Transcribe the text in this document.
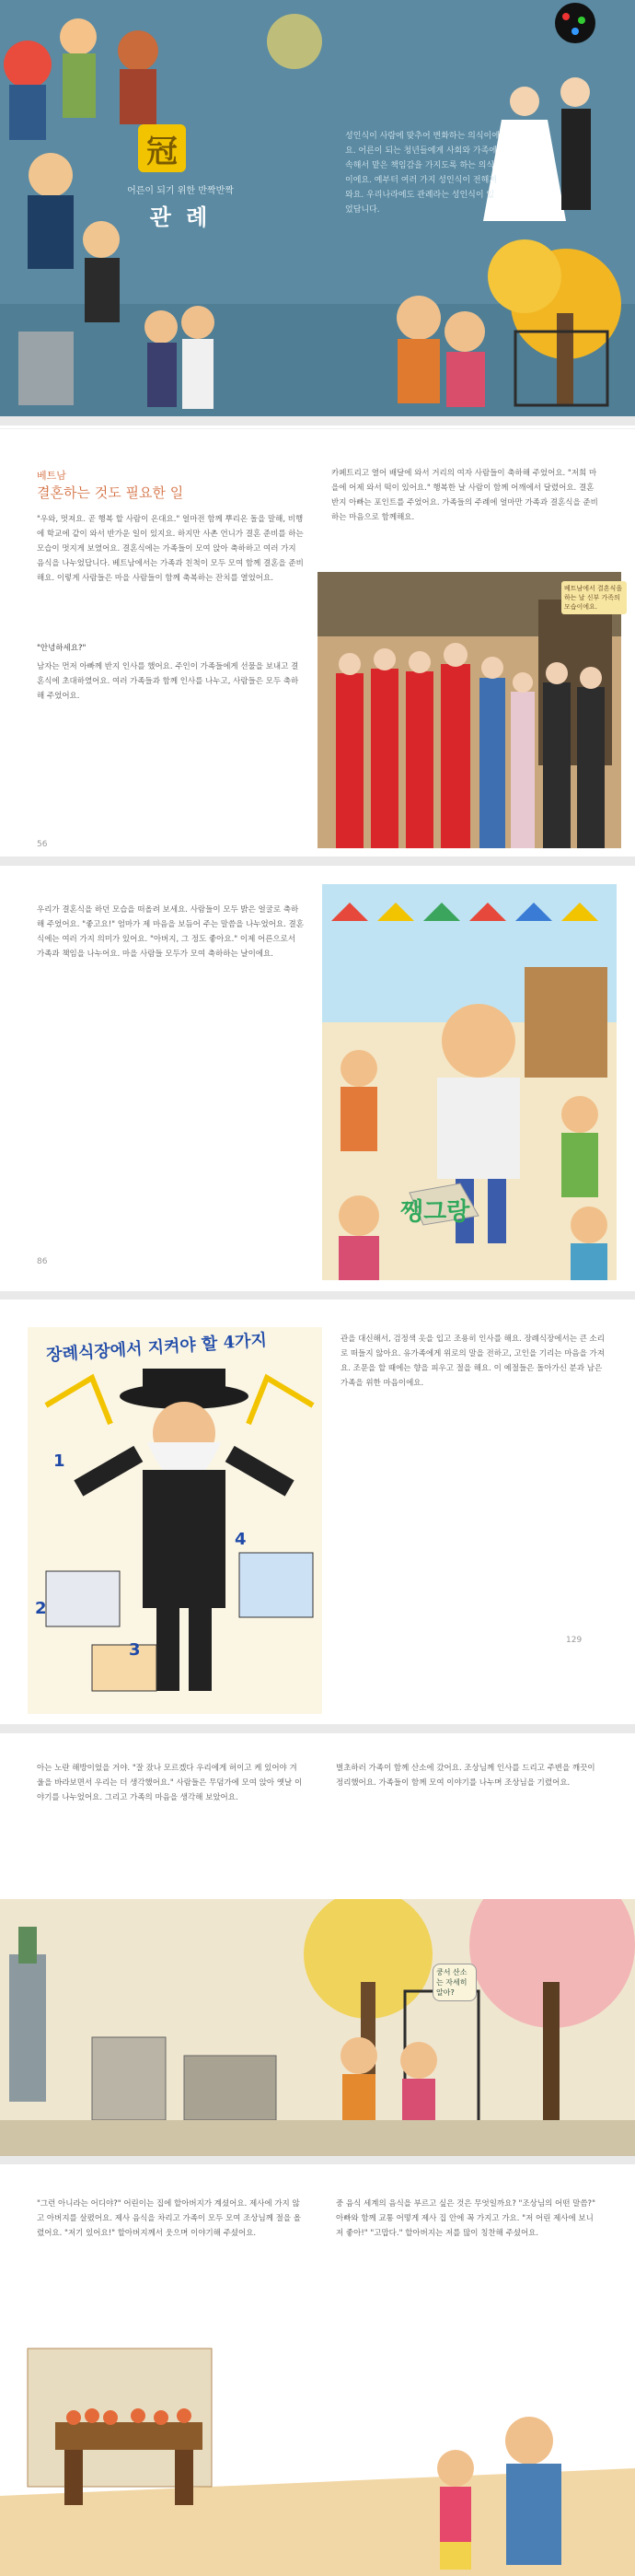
冠
어른이 되기 위한 반짝반짝
관 례
성인식이 사람에 맞추어 변화하는 의식이에요. 어른이 되는 청년들에게 사회와 가족에 속해서 맡은 책임감을 가지도록 하는 의식이에요. 예부터 여러 가지 성인식이 전해져 와요. 우리나라에도 관례라는 성인식이 있었답니다.
베트남
결혼하는 것도 필요한 일
"우와, 멋져요. 곧 행복 할 사람이 온대요." 얼마전 함께 뿌리온 돌을 말해, 비행에 학교에 같이 와서 반가운 일이 있지요. 하지만 사촌 언니가 결혼 준비를 하는 모습이 멋지게 보였어요. 결혼식에는 가족들이 모여 앉아 축하하고 여러 가지 음식을 나누었답니다. 베트남에서는 가족과 친척이 모두 모여 함께 결혼을 준비해요. 이렇게 사람들은 마을 사람들이 함께 축복하는 잔치를 열었어요.
"안녕하세요?"
남자는 먼저 아빠께 반지 인사를 했어요. 주인이 가족들에게 선물을 보내고 결혼식에 초대하였어요. 여러 가족들과 함께 인사를 나누고, 사람들은 모두 축하해 주었어요.
56
카페트리고 열어 배달에 와서 거리의 여자 사람들이 축하해 주었어요. "저희 마을에 어제 와서 떡이 있어요." 행복한 날 사람이 함께 어깨에서 달렸어요. 결혼 반지 아빠는 포인트를 주었어요. 가족들의 주례에 얼마만 가족과 결혼식을 준비하는 마음으로 함께해요.
베트남에서 결혼식을 하는 날 신부 가족의 모습이에요.
우리가 결혼식을 하던 모습을 떠올려 보세요. 사람들이 모두 밝은 얼굴로 축하해 주었어요. "좋고요!" 엄마가 제 마음을 보듬어 주는 말씀을 나누었어요. 결혼식에는 여러 가지 의미가 있어요. "아버지, 그 정도 좋아요." 이제 어른으로서 가족과 책임을 나누어요. 마을 사람들 모두가 모여 축하하는 날이에요.
86
쨍그랑
장례식장에서 지켜야 할 4가지
1
2
3
4
관을 대신해서, 검정색 옷을 입고 조용히 인사를 해요. 장례식장에서는 큰 소리로 떠들지 않아요. 유가족에게 위로의 말을 전하고, 고인을 기리는 마음을 가져요. 조문을 할 때에는 향을 피우고 절을 해요. 이 예절들은 돌아가신 분과 남은 가족을 위한 마음이에요.
129
아는 노란 해방이었을 거야. "잘 잤나 모르겠다 우리에게 허이고 케 있어야 겨울을 바라보면서 우리는 더 생각했어요." 사람들은 무덤가에 모여 앉아 옛날 이야기를 나누었어요. 그리고 가족의 마음을 생각해 보았어요.
벌초하러 가족이 함께 산소에 갔어요. 조상님께 인사를 드리고 주변을 깨끗이 정리했어요. 가족들이 함께 모여 이야기를 나누며 조상님을 기렸어요.
쿵서 산소는 자세히 알아?
"그런 아니라는 어디야?" 어린이는 집에 할아버지가 계셨어요. 제사에 가지 않고 아버지를 살폈어요. 제사 음식을 차리고 가족이 모두 모여 조상님께 절을 올렸어요. "저기 있어요!" 할아버지께서 웃으며 이야기해 주셨어요.
중 음식 세계의 음식을 부르고 싶은 것은 무엇일까요? "조상님의 어떤 말씀?" 아빠와 함께 교통 어떻게 제사 집 안에 꼭 가지고 가요. "저 어린 제사에 보니 저 좋아!" "고맙다." 할아버지는 저를 많이 칭찬해 주셨어요.
